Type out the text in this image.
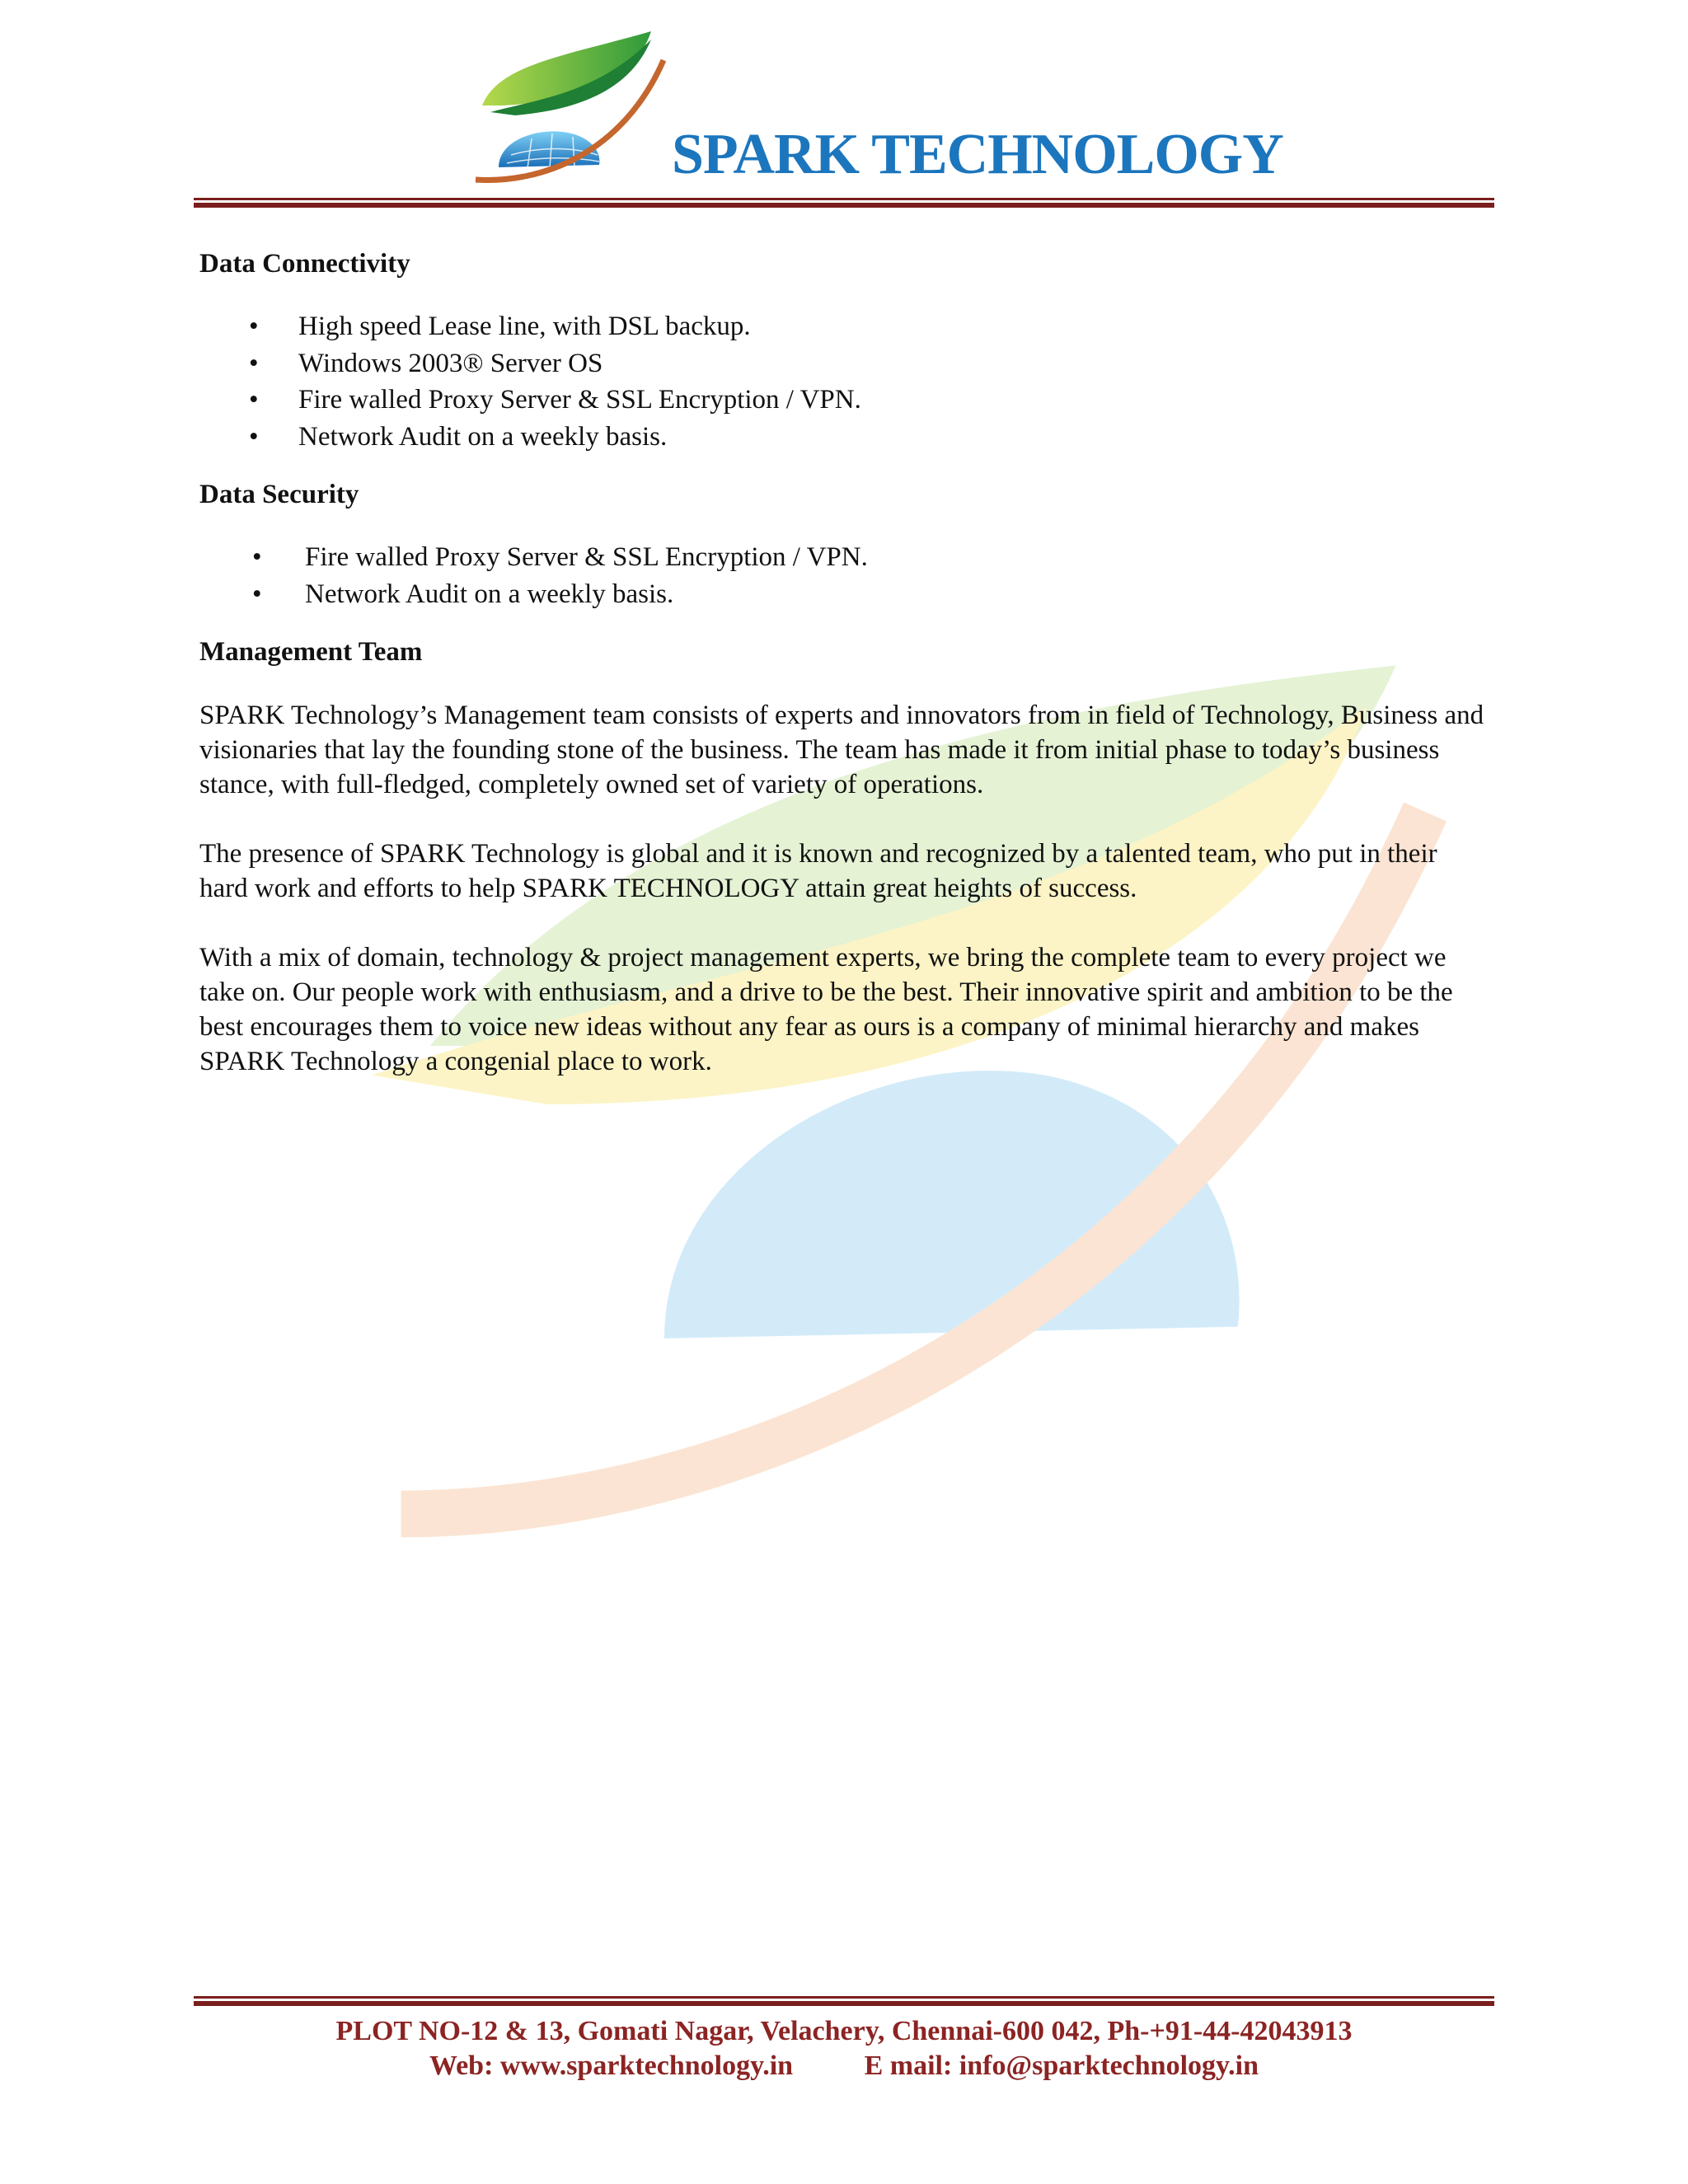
SPARK TECHNOLOGY
Data Connectivity
• High speed Lease line, with DSL backup.
• Windows 2003® Server OS
• Fire walled Proxy Server & SSL Encryption / VPN.
• Network Audit on a weekly basis.
Data Security
• Fire walled Proxy Server & SSL Encryption / VPN.
• Network Audit on a weekly basis.
Management Team

SPARK Technology’s Management team consists of experts and innovators from in field of Technology, Business and visionaries that lay the founding stone of the business. The team has made it from initial phase to today’s business stance, with full-fledged, completely owned set of variety of operations.

The presence of SPARK Technology is global and it is known and recognized by a talented team, who put in their hard work and efforts to help SPARK TECHNOLOGY attain great heights of success.

With a mix of domain, technology & project management experts, we bring the complete team to every project we take on. Our people work with enthusiasm, and a drive to be the best. Their innovative spirit and ambition to be the best encourages them to voice new ideas without any fear as ours is a company of minimal hierarchy and makes SPARK Technology a congenial place to work.

PLOT NO-12 & 13, Gomati Nagar, Velachery, Chennai-600 042, Ph-+91-44-42043913
Web: www.sparktechnology.in	E mail: info@sparktechnology.in
